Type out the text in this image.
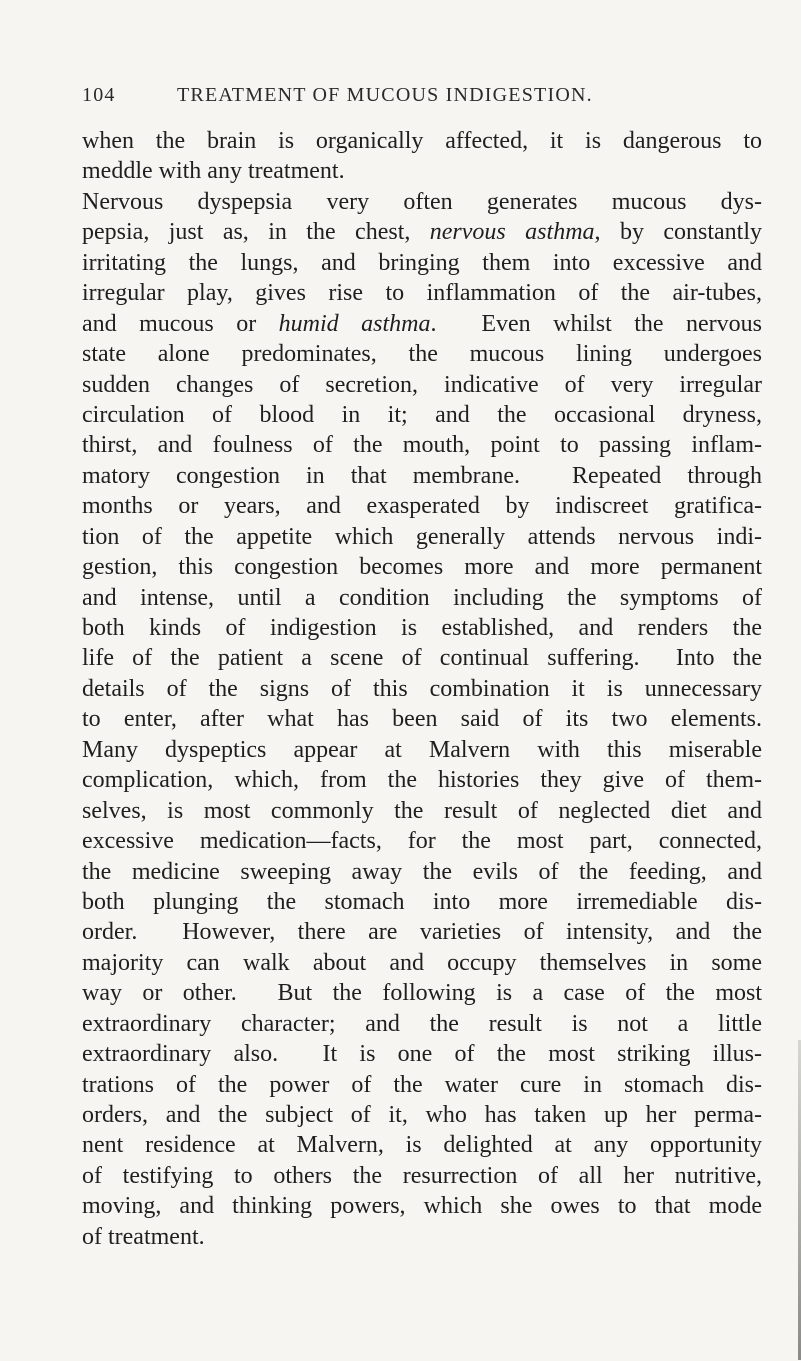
104	TREATMENT OF MUCOUS INDIGESTION.
when the brain is organically affected, it is dangerous to
meddle with any treatment.
Nervous dyspepsia very often generates mucous dys-
pepsia, just as, in the chest, nervous asthma, by constantly
irritating the lungs, and bringing them into excessive and
irregular play, gives rise to inflammation of the air-tubes,
and mucous or humid asthma.  Even whilst the nervous
state alone predominates, the mucous lining undergoes
sudden changes of secretion, indicative of very irregular
circulation of blood in it; and the occasional dryness,
thirst, and foulness of the mouth, point to passing inflam-
matory congestion in that membrane.  Repeated through
months or years, and exasperated by indiscreet gratifica-
tion of the appetite which generally attends nervous indi-
gestion, this congestion becomes more and more permanent
and intense, until a condition including the symptoms of
both kinds of indigestion is established, and renders the
life of the patient a scene of continual suffering.  Into the
details of the signs of this combination it is unnecessary
to enter, after what has been said of its two elements.
Many dyspeptics appear at Malvern with this miserable
complication, which, from the histories they give of them-
selves, is most commonly the result of neglected diet and
excessive medication—facts, for the most part, connected,
the medicine sweeping away the evils of the feeding, and
both plunging the stomach into more irremediable dis-
order.  However, there are varieties of intensity, and the
majority can walk about and occupy themselves in some
way or other.  But the following is a case of the most
extraordinary character; and the result is not a little
extraordinary also.  It is one of the most striking illus-
trations of the power of the water cure in stomach dis-
orders, and the subject of it, who has taken up her perma-
nent residence at Malvern, is delighted at any opportunity
of testifying to others the resurrection of all her nutritive,
moving, and thinking powers, which she owes to that mode
of treatment.
